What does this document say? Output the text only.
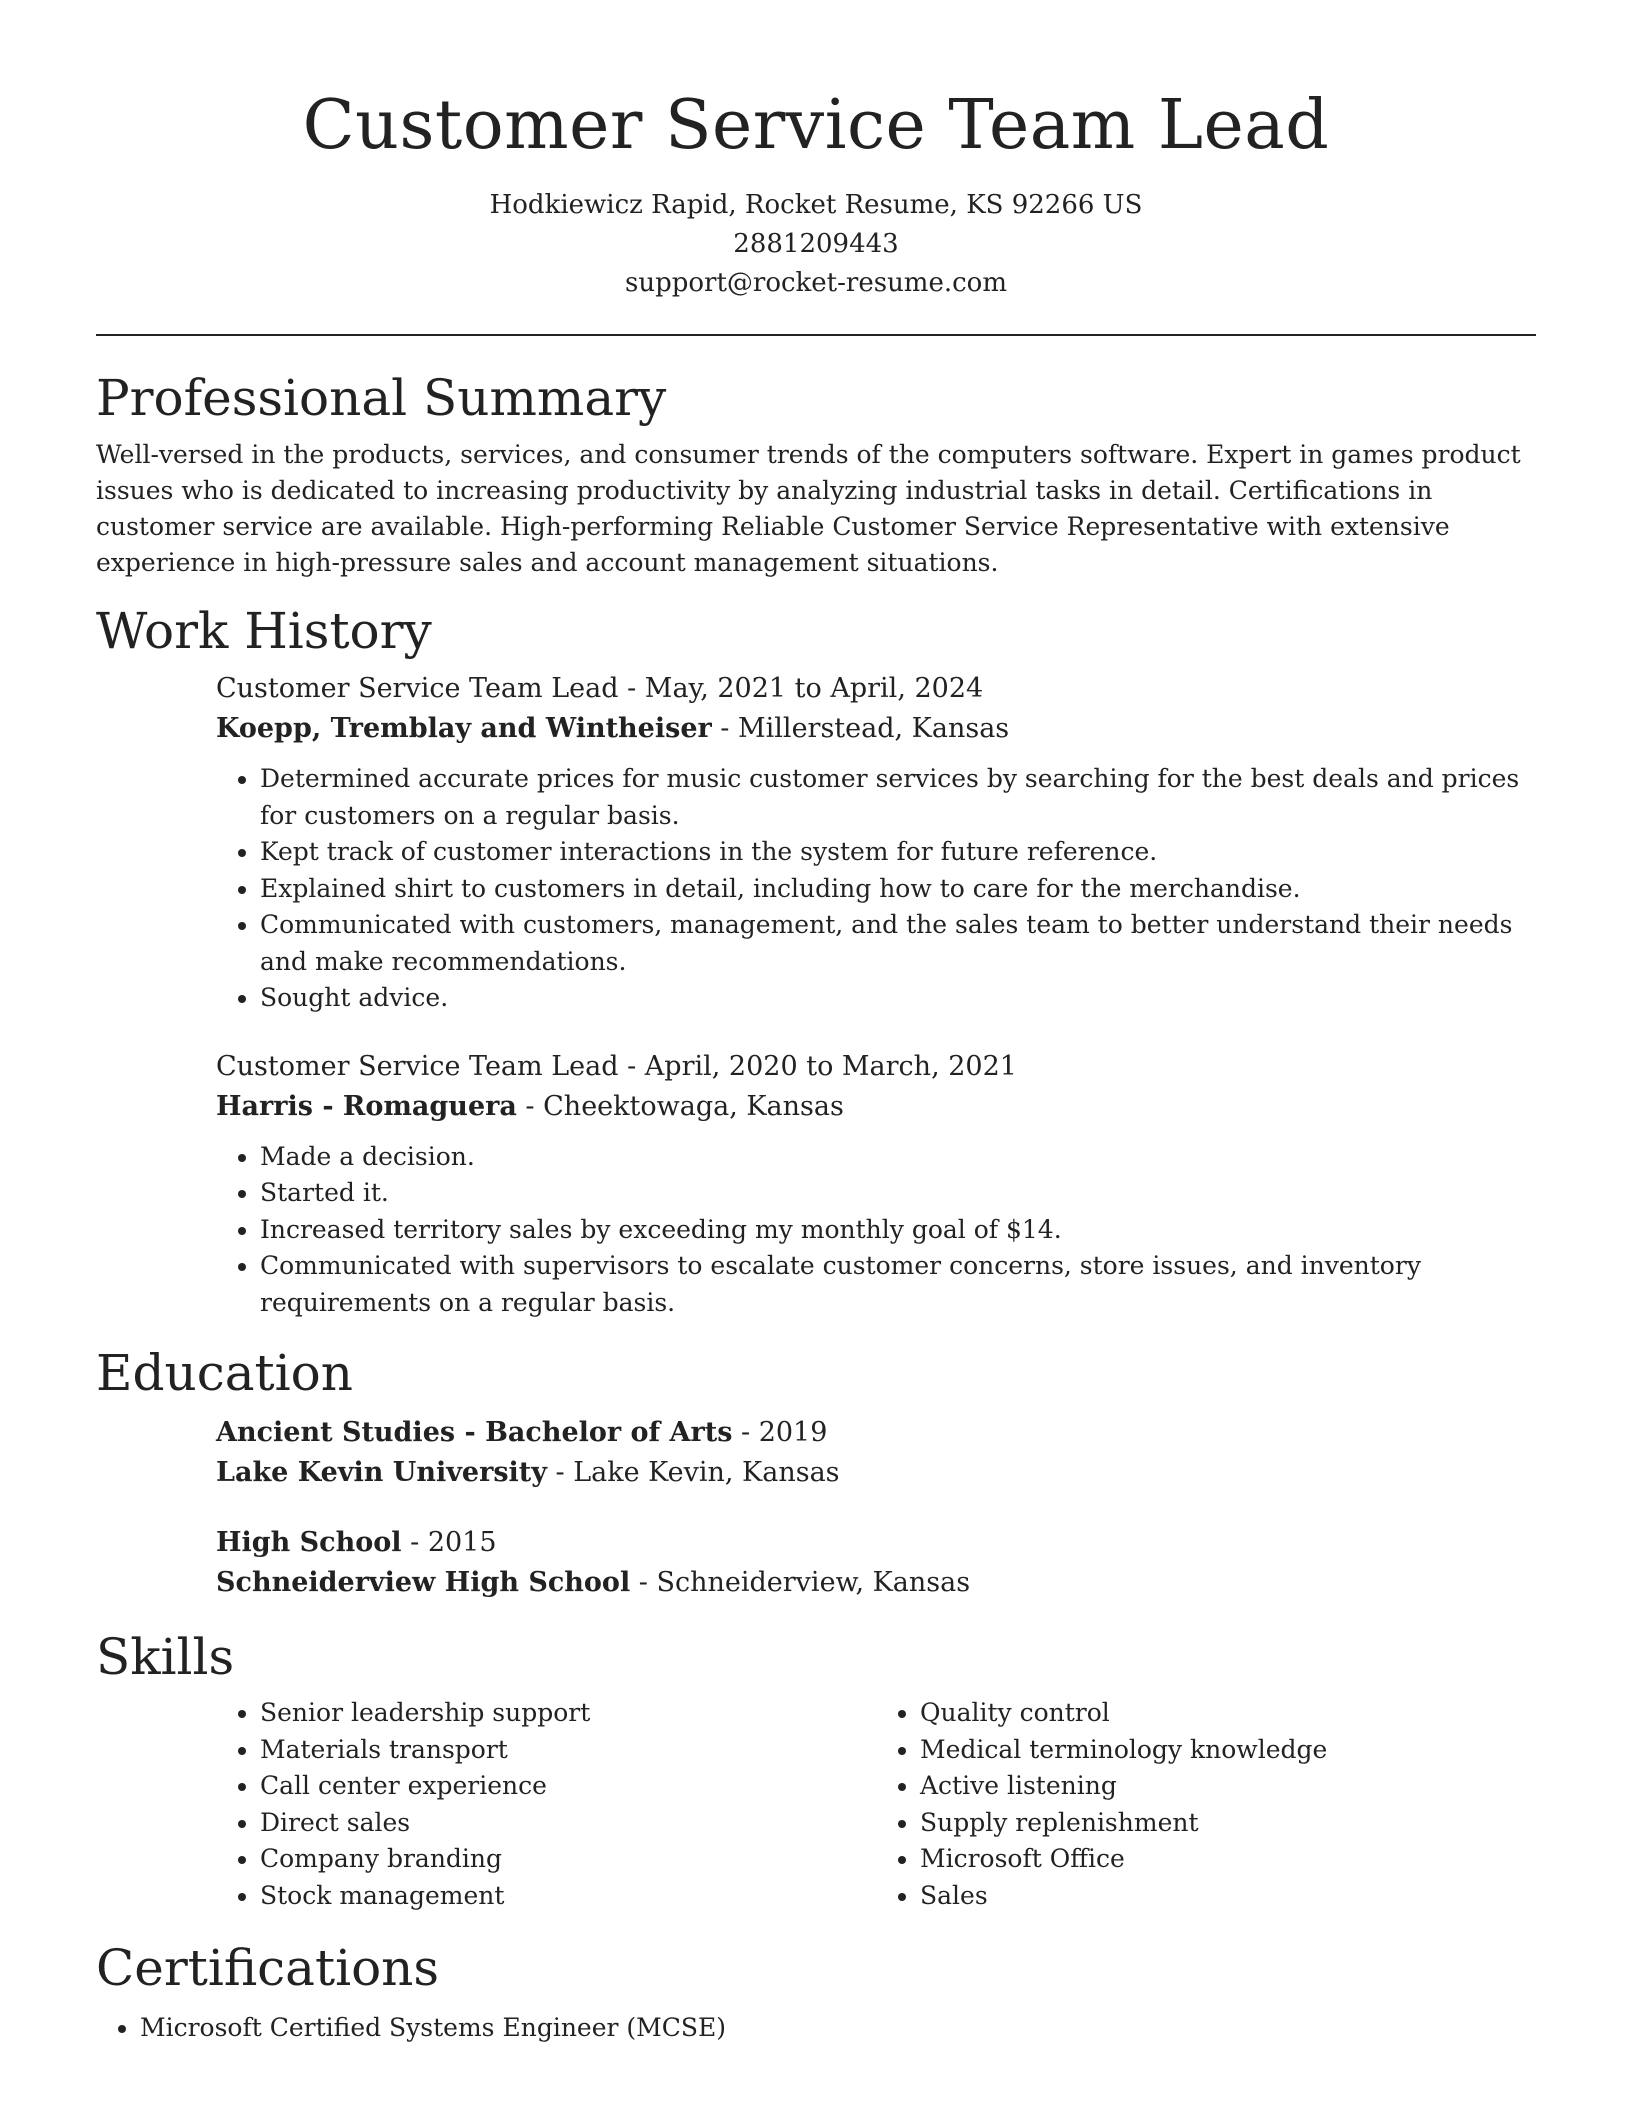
Customer Service Team Lead
Hodkiewicz Rapid, Rocket Resume, KS 92266 US
2881209443
support@rocket-resume.com
Professional Summary

Well-versed in the products, services, and consumer trends of the computers software. Expert in games product issues who is dedicated to increasing productivity by analyzing industrial tasks in detail. Certifications in customer service are available. High-performing Reliable Customer Service Representative with extensive experience in high-pressure sales and account management situations.

Work History
Customer Service Team Lead - May, 2021 to April, 2024
Koepp, Tremblay and Wintheiser - Millerstead, Kansas
• Determined accurate prices for music customer services by searching for the best deals and prices for customers on a regular basis.
• Kept track of customer interactions in the system for future reference.
• Explained shirt to customers in detail, including how to care for the merchandise.
• Communicated with customers, management, and the sales team to better understand their needs and make recommendations.
• Sought advice.
Customer Service Team Lead - April, 2020 to March, 2021
Harris - Romaguera - Cheektowaga, Kansas
• Made a decision.
• Started it.
• Increased territory sales by exceeding my monthly goal of $14.
• Communicated with supervisors to escalate customer concerns, store issues, and inventory requirements on a regular basis.
Education
Ancient Studies - Bachelor of Arts - 2019
Lake Kevin University - Lake Kevin, Kansas
High School - 2015
Schneiderview High School - Schneiderview, Kansas
Skills
• Senior leadership support
• Materials transport
• Call center experience
• Direct sales
• Company branding
• Stock management
• Quality control
• Medical terminology knowledge
• Active listening
• Supply replenishment
• Microsoft Office
• Sales
Certifications
• Microsoft Certified Systems Engineer (MCSE)
